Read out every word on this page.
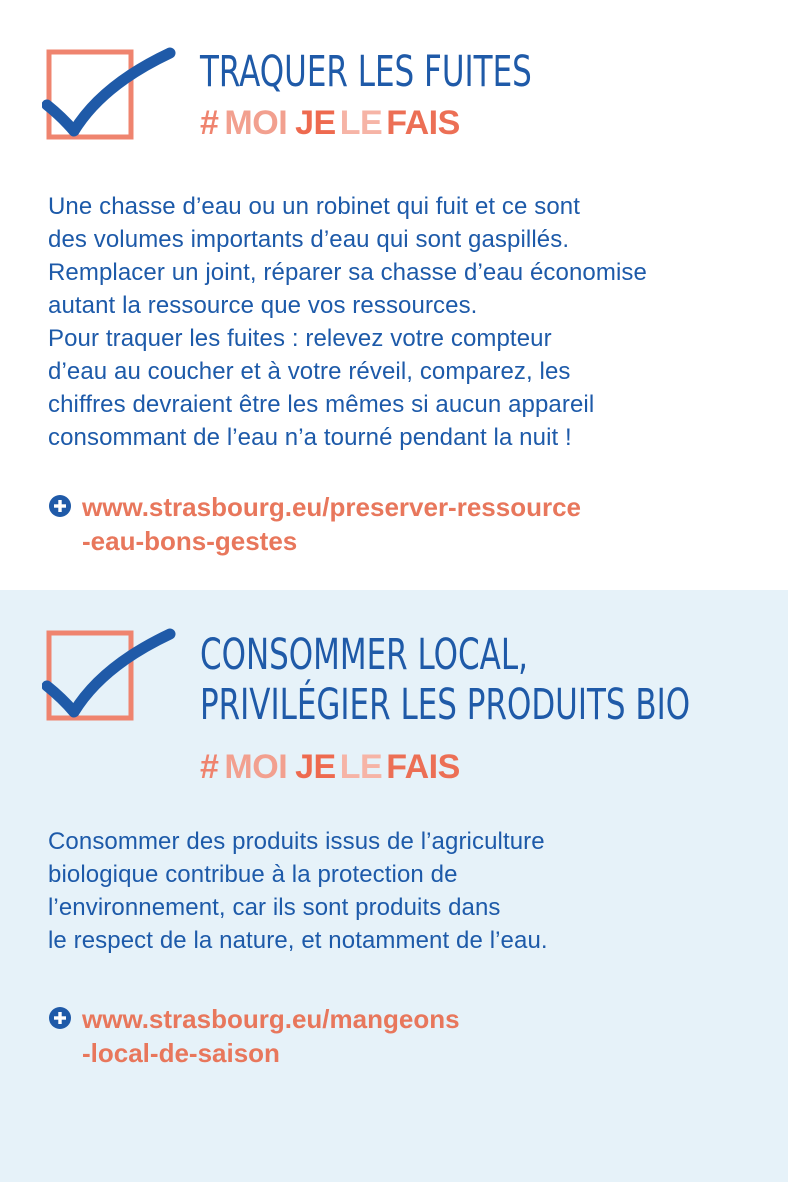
TRAQUER LES FUITES
# MOI JE LE FAIS

Une chasse d’eau ou un robinet qui fuit et ce sont
des volumes importants d’eau qui sont gaspillés.
Remplacer un joint, réparer sa chasse d’eau économise
autant la ressource que vos ressources.
Pour traquer les fuites : relevez votre compteur
d’eau au coucher et à votre réveil, comparez, les
chiffres devraient être les mêmes si aucun appareil
consommant de l’eau n’a tourné pendant la nuit !

www.strasbourg.eu/preserver-ressource
-eau-bons-gestes
CONSOMMER LOCAL,
PRIVILÉGIER LES PRODUITS BIO
# MOI JE LE FAIS

Consommer des produits issus de l’agriculture
biologique contribue à la protection de
l’environnement, car ils sont produits dans
le respect de la nature, et notamment de l’eau.

www.strasbourg.eu/mangeons
-local-de-saison
